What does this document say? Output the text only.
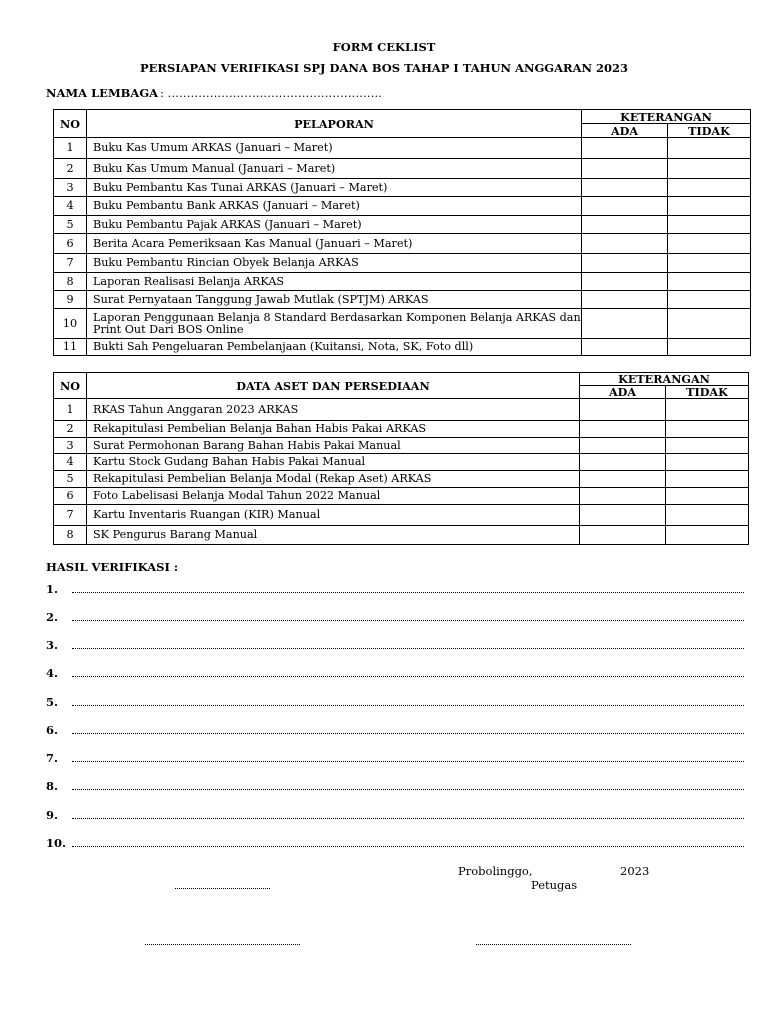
FORM CEKLIST
PERSIAPAN VERIFIKASI SPJ DANA BOS TAHAP I TAHUN ANGGARAN 2023
NAMA LEMBAGA : ………………………………………………..
NO	PELAPORAN	KETERANGAN	
		ADA	TIDAK
1	Buku Kas Umum ARKAS (Januari – Maret)		
2	Buku Kas Umum Manual (Januari – Maret)		
3	Buku Pembantu Kas Tunai ARKAS (Januari – Maret)		
4	Buku Pembantu Bank ARKAS (Januari – Maret)		
5	Buku Pembantu Pajak ARKAS (Januari – Maret)		
6	Berita Acara Pemeriksaan Kas Manual (Januari – Maret)		
7	Buku Pembantu Rincian Obyek Belanja ARKAS		
8	Laporan Realisasi Belanja ARKAS		
9	Surat Pernyataan Tanggung Jawab Mutlak (SPTJM) ARKAS		
10	Laporan Penggunaan Belanja 8 Standard Berdasarkan Komponen Belanja ARKAS dan Print Out Dari BOS Online		
11	Bukti Sah Pengeluaran Pembelanjaan (Kuitansi, Nota, SK, Foto dll)		
NO	DATA ASET DAN PERSEDIAAN	KETERANGAN	
		ADA	TIDAK
1	RKAS Tahun Anggaran 2023 ARKAS		
2	Rekapitulasi Pembelian Belanja Bahan Habis Pakai ARKAS		
3	Surat Permohonan Barang Bahan Habis Pakai Manual		
4	Kartu Stock Gudang Bahan Habis Pakai Manual		
5	Rekapitulasi Pembelian Belanja Modal (Rekap Aset) ARKAS		
6	Foto Labelisasi Belanja Modal Tahun 2022 Manual		
7	Kartu Inventaris Ruangan (KIR) Manual		
8	SK Pengurus Barang Manual		
HASIL VERIFIKASI :
1.
2.
3.
4.
5.
6.
7.
8.
9.
10.
Probolinggo,	2023
Petugas
